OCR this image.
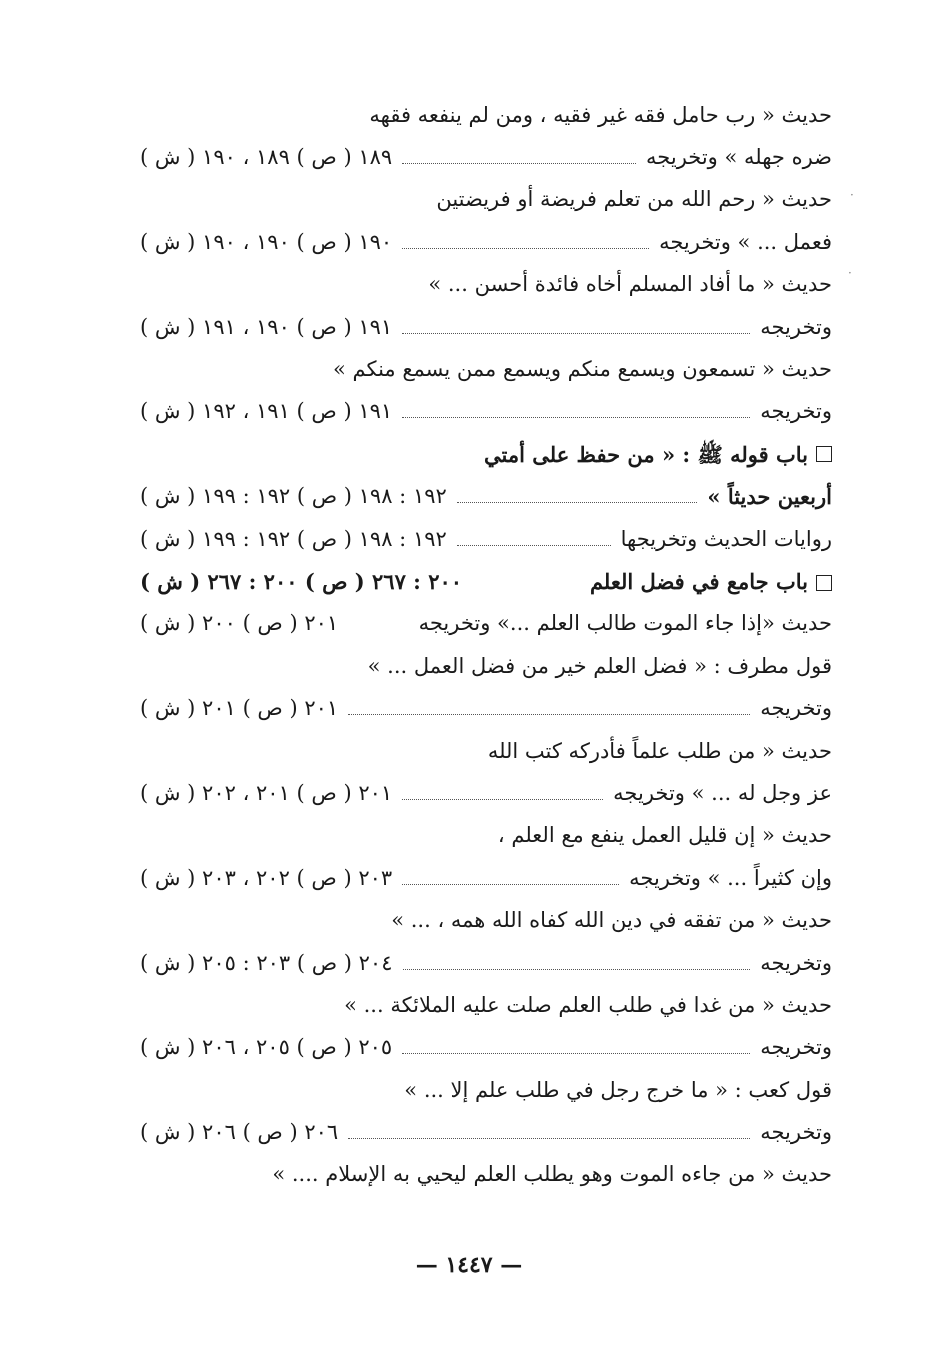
حديث « رب حامل فقه غير فقيه ، ومن لم ينفعه فقهه
ضره جهله » وتخريجه
١٨٩ ( ص ) ١٨٩ ، ١٩٠ ( ش )
حديث « رحم الله من تعلم فريضة أو فريضتين
فعمل ... » وتخريجه
١٩٠ ( ص ) ١٩٠ ، ١٩٠ ( ش )
حديث « ما أفاد المسلم أخاه فائدة أحسن ... »
وتخريجه
١٩١ ( ص ) ١٩٠ ، ١٩١ ( ش )
حديث « تسمعون ويسمع منكم ويسمع ممن يسمع منكم »
وتخريجه
١٩١ ( ص ) ١٩١ ، ١٩٢ ( ش )
باب قوله ﷺ : « من حفظ على أمتي
أربعين حديثاً »
١٩٢ : ١٩٨ ( ص ) ١٩٢ : ١٩٩ ( ش )
روايات الحديث وتخريجها
١٩٢ : ١٩٨ ( ص ) ١٩٢ : ١٩٩ ( ش )
باب جامع في فضل العلم
٢٠٠ : ٢٦٧ ( ص ) ٢٠٠ : ٢٦٧ ( ش )
حديث «إذا جاء الموت طالب العلم ...» وتخريجه
٢٠١ ( ص ) ٢٠٠ ( ش )
قول مطرف : « فضل العلم خير من فضل العمل ... »
وتخريجه
٢٠١ ( ص ) ٢٠١ ( ش )
حديث « من طلب علماً فأدركه كتب الله
عز وجل له ... » وتخريجه
٢٠١ ( ص ) ٢٠١ ، ٢٠٢ ( ش )
حديث « إن قليل العمل ينفع مع العلم ،
وإن كثيراً ... » وتخريجه
٢٠٣ ( ص ) ٢٠٢ ، ٢٠٣ ( ش )
حديث « من تفقه في دين الله كفاه الله همه ، ... »
وتخريجه
٢٠٤ ( ص ) ٢٠٣ : ٢٠٥ ( ش )
حديث « من غدا في طلب العلم صلت عليه الملائكة ... »
وتخريجه
٢٠٥ ( ص ) ٢٠٥ ، ٢٠٦ ( ش )
قول كعب : « ما خرج رجل في طلب علم إلا ... »
وتخريجه
٢٠٦ ( ص ) ٢٠٦ ( ش )
حديث « من جاءه الموت وهو يطلب العلم ليحيي به الإسلام .... »
·
·
— ١٤٤٧ —
